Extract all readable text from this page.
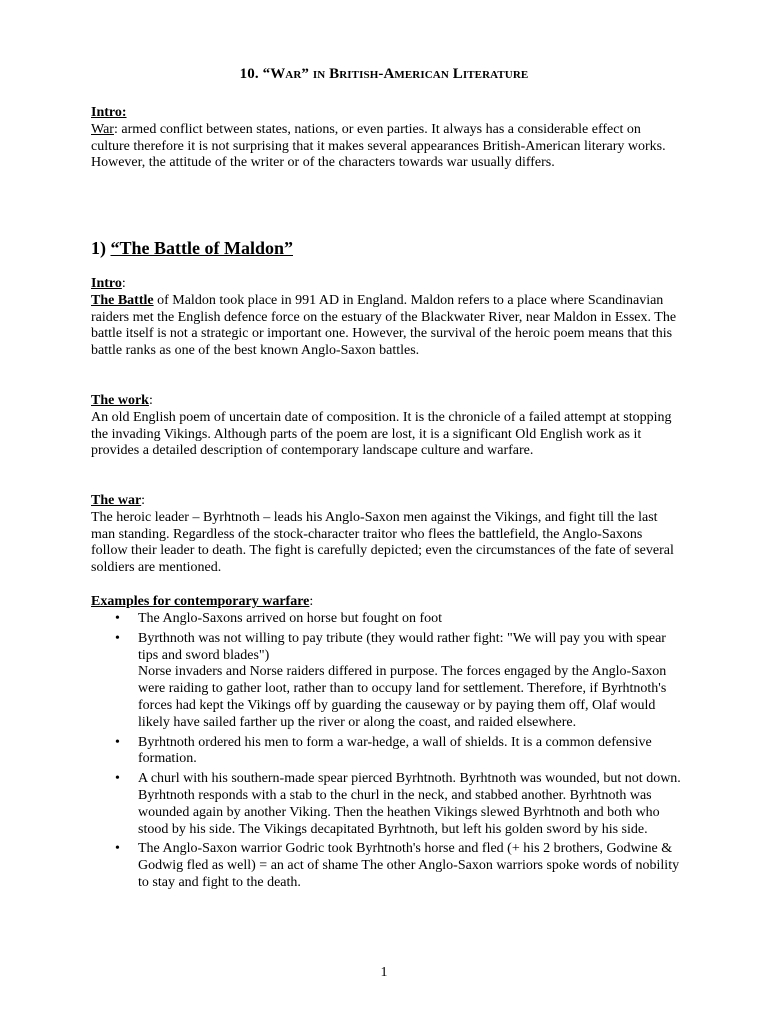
10. “War” in British-American Literature
Intro:
War: armed conflict between states, nations, or even parties. It always has a considerable effect on culture therefore it is not surprising that it makes several appearances British-American literary works. However, the attitude of the writer or of the characters towards war usually differs.
1) “The Battle of Maldon”
Intro:
The Battle of Maldon took place in 991 AD in England. Maldon refers to a place where Scandinavian raiders met the English defence force on the estuary of the Blackwater River, near Maldon in Essex. The battle itself is not a strategic or important one. However, the survival of the heroic poem means that this battle ranks as one of the best known Anglo-Saxon battles.
The work:
An old English poem of uncertain date of composition. It is the chronicle of a failed attempt at stopping the invading Vikings. Although parts of the poem are lost, it is a significant Old English work as it provides a detailed description of contemporary landscape culture and warfare.
The war:
The heroic leader – Byrhtnoth – leads his Anglo-Saxon men against the Vikings, and fight till the last man standing. Regardless of the stock-character traitor who flees the battlefield, the Anglo-Saxons follow their leader to death. The fight is carefully depicted; even the circumstances of the fate of several soldiers are mentioned.
Examples for contemporary warfare:
• The Anglo-Saxons arrived on horse but fought on foot
• Byrthnoth was not willing to pay tribute (they would rather fight: "We will pay you with spear tips and sword blades")
Norse invaders and Norse raiders differed in purpose. The forces engaged by the Anglo-Saxon were raiding to gather loot, rather than to occupy land for settlement. Therefore, if Byrhtnoth's forces had kept the Vikings off by guarding the causeway or by paying them off, Olaf would likely have sailed farther up the river or along the coast, and raided elsewhere.
• Byrhtnoth ordered his men to form a war-hedge, a wall of shields. It is a common defensive formation.
• A churl with his southern-made spear pierced Byrhtnoth. Byrhtnoth was wounded, but not down. Byrhtnoth responds with a stab to the churl in the neck, and stabbed another. Byrhtnoth was wounded again by another Viking. Then the heathen Vikings slewed Byrhtnoth and both who stood by his side. The Vikings decapitated Byrhtnoth, but left his golden sword by his side.
• The Anglo-Saxon warrior Godric took Byrhtnoth's horse and fled (+ his 2 brothers, Godwine & Godwig fled as well) = an act of shame The other Anglo-Saxon warriors spoke words of nobility to stay and fight to the death.
1
